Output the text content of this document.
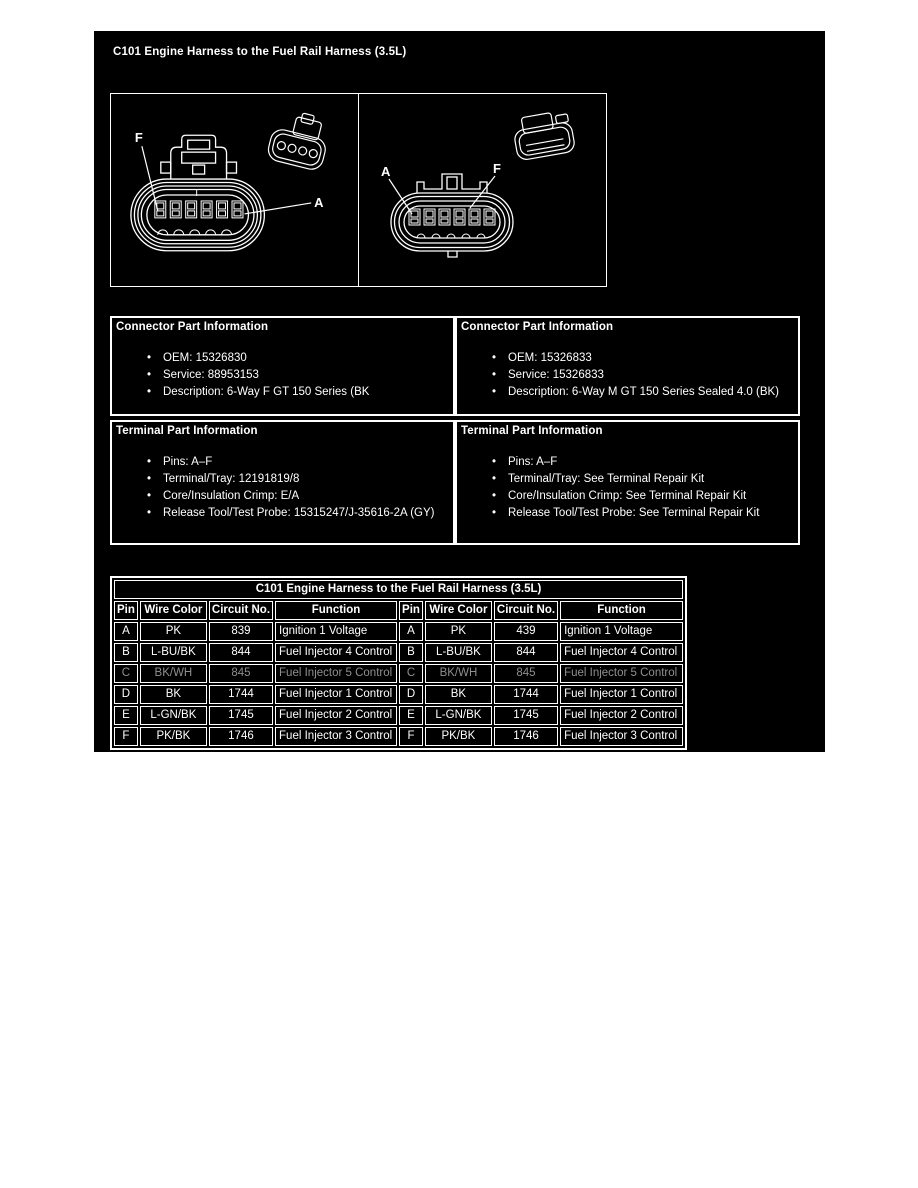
C101 Engine Harness to the Fuel Rail Harness (3.5L)
F
A
A	F
Connector Part Information
• OEM: 15326830
• Service: 88953153
• Description: 6-Way F GT 150 Series (BK
Connector Part Information
• OEM: 15326833
• Service: 15326833
• Description: 6-Way M GT 150 Series Sealed 4.0 (BK)
Terminal Part Information
• Pins: A–F
• Terminal/Tray: 12191819/8
• Core/Insulation Crimp: E/A
• Release Tool/Test Probe: 15315247/J-35616-2A (GY)
Terminal Part Information
• Pins: A–F
• Terminal/Tray: See Terminal Repair Kit
• Core/Insulation Crimp: See Terminal Repair Kit
• Release Tool/Test Probe: See Terminal Repair Kit
C101 Engine Harness to the Fuel Rail Harness (3.5L)							
Pin	Wire Color	Circuit No.	Function	Pin	Wire Color	Circuit No.	Function
A	PK	839	Ignition 1 Voltage	A	PK	439	Ignition 1 Voltage
B	L-BU/BK	844	Fuel Injector 4 Control	B	L-BU/BK	844	Fuel Injector 4 Control
C	BK/WH	845	Fuel Injector 5 Control	C	BK/WH	845	Fuel Injector 5 Control
D	BK	1744	Fuel Injector 1 Control	D	BK	1744	Fuel Injector 1 Control
E	L-GN/BK	1745	Fuel Injector 2 Control	E	L-GN/BK	1745	Fuel Injector 2 Control
F	PK/BK	1746	Fuel Injector 3 Control	F	PK/BK	1746	Fuel Injector 3 Control
